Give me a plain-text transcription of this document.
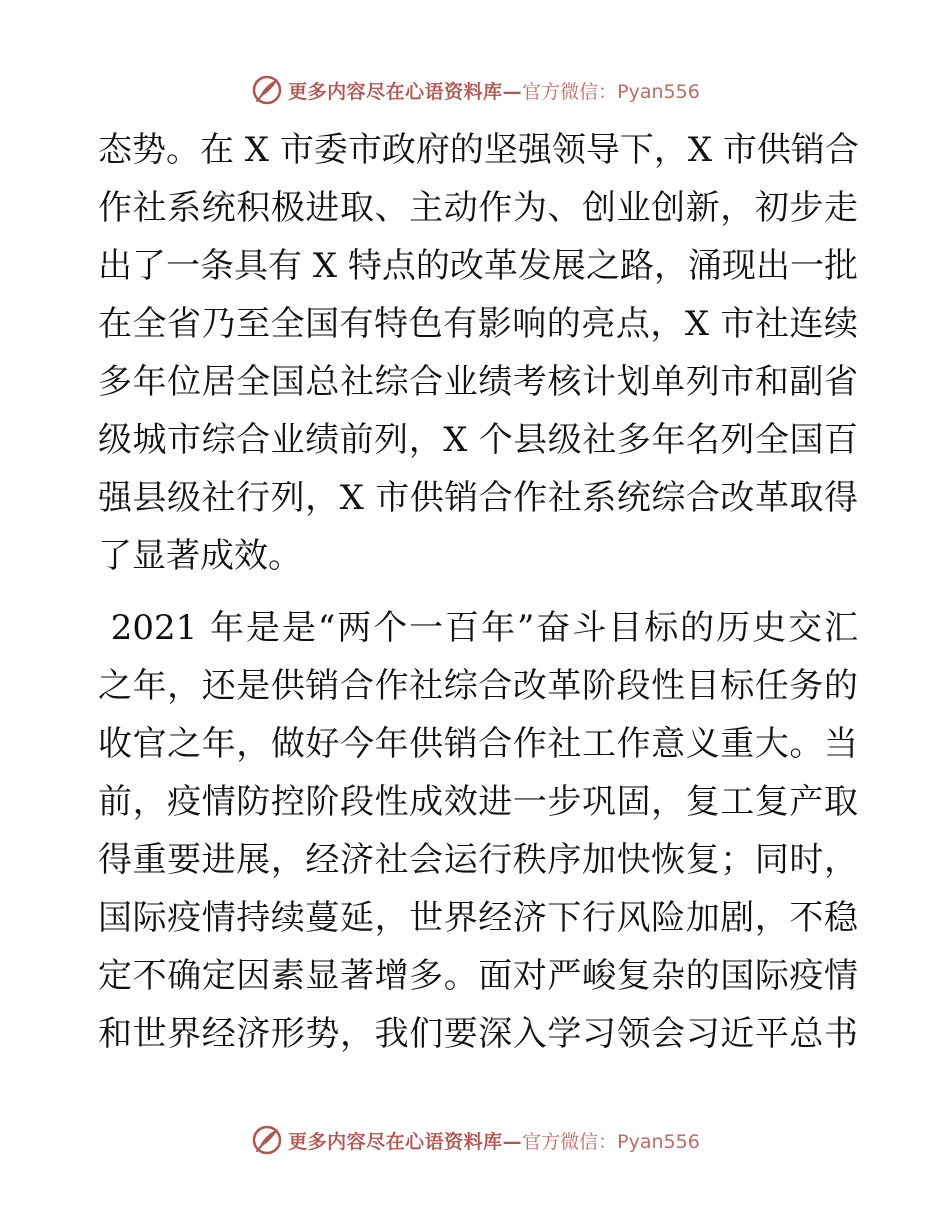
更多内容尽在心语资料库— 官方微信：Pyan556
态势。在 X 市委市政府的坚强领导下，X 市供销合
作社系统积极进取、主动作为、创业创新，初步走
出了一条具有 X 特点的改革发展之路，涌现出一批
在全省乃至全国有特色有影响的亮点，X 市社连续
多年位居全国总社综合业绩考核计划单列市和副省
级城市综合业绩前列，X 个县级社多年名列全国百
强县级社行列，X 市供销合作社系统综合改革取得
了显著成效。
2021 年是是“两个一百年”奋斗目标的历史交汇
之年，还是供销合作社综合改革阶段性目标任务的
收官之年，做好今年供销合作社工作意义重大。当
前，疫情防控阶段性成效进一步巩固，复工复产取
得重要进展，经济社会运行秩序加快恢复；同时，
国际疫情持续蔓延，世界经济下行风险加剧，不稳
定不确定因素显著增多。面对严峻复杂的国际疫情
和世界经济形势，我们要深入学习领会习近平总书
更多内容尽在心语资料库— 官方微信：Pyan556
